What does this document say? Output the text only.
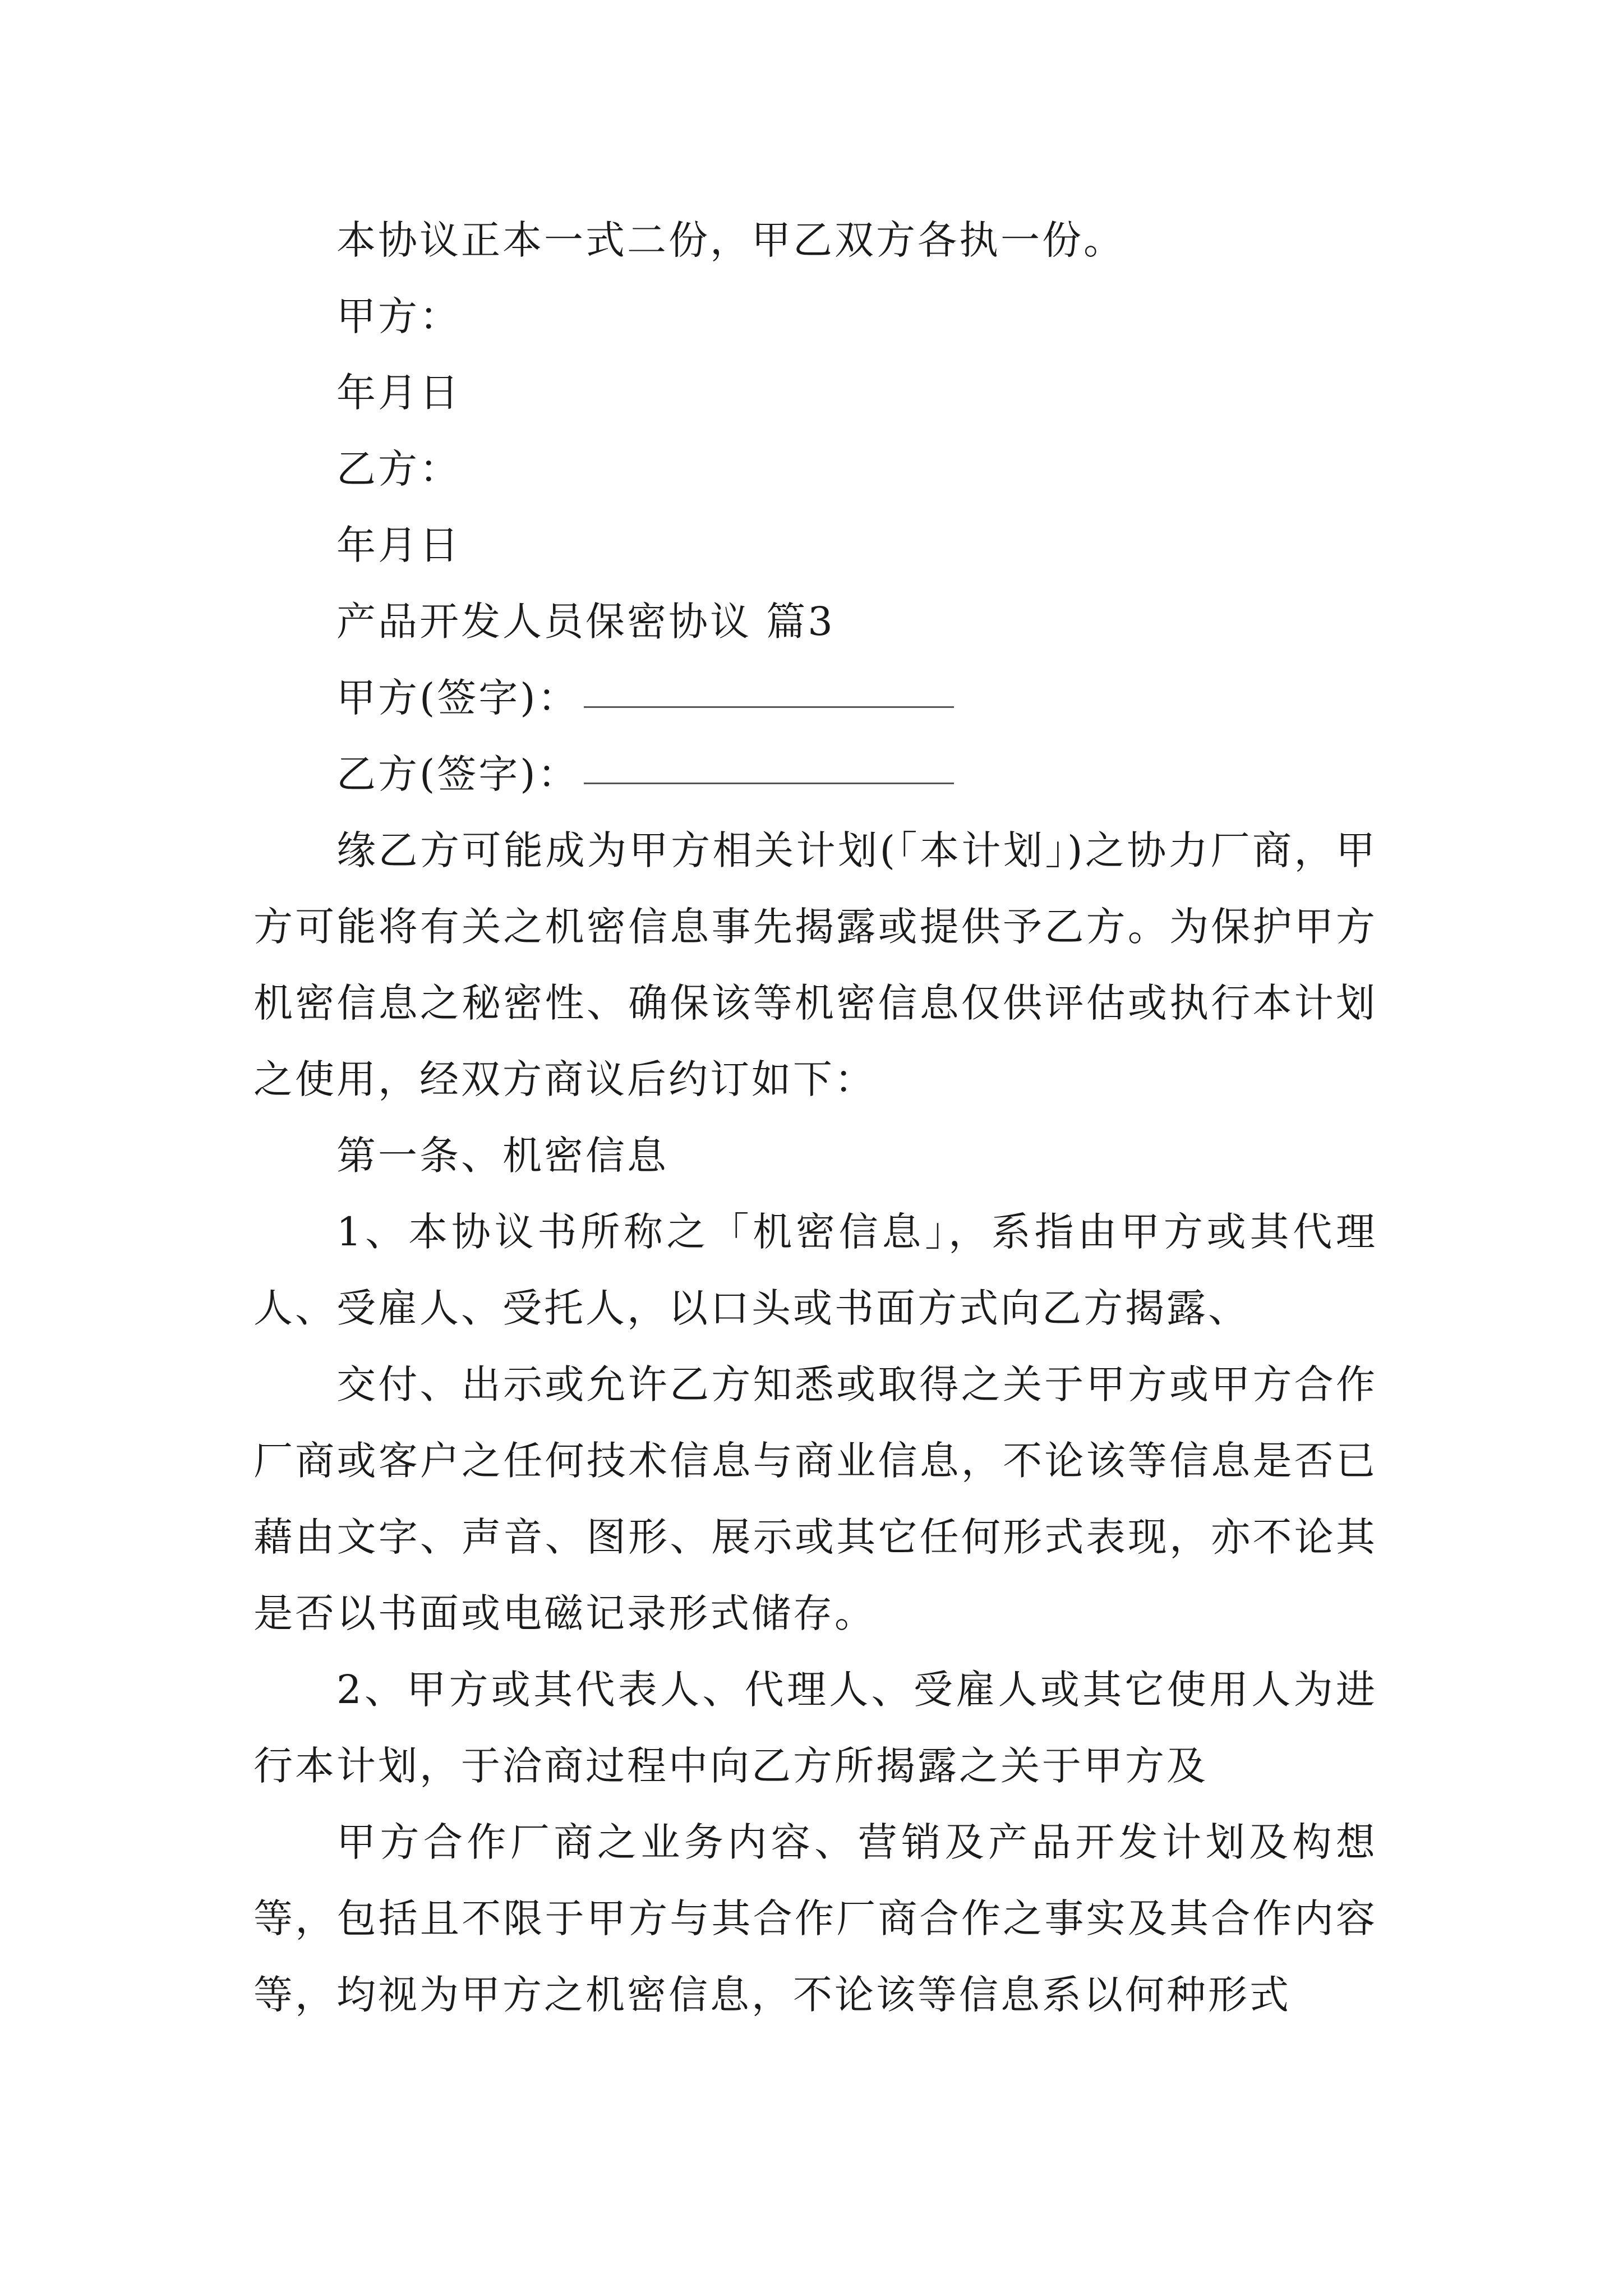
本协议正本一式二份，甲乙双方各执一份。

甲方：

年月日

乙方：

年月日

产品开发人员保密协议 篇3

甲方(签字)：

乙方(签字)：

缘乙方可能成为甲方相关计划(「本计划」)之协力厂商，甲方可能将有关之机密信息事先揭露或提供予乙方。为保护甲方机密信息之秘密性、确保该等机密信息仅供评估或执行本计划之使用，经双方商议后约订如下：

第一条、机密信息

1、本协议书所称之「机密信息」，系指由甲方或其代理人、受雇人、受托人，以口头或书面方式向乙方揭露、

交付、出示或允许乙方知悉或取得之关于甲方或甲方合作厂商或客户之任何技术信息与商业信息，不论该等信息是否已藉由文字、声音、图形、展示或其它任何形式表现，亦不论其是否以书面或电磁记录形式储存。

2、甲方或其代表人、代理人、受雇人或其它使用人为进行本计划，于洽商过程中向乙方所揭露之关于甲方及

甲方合作厂商之业务内容、营销及产品开发计划及构想等，包括且不限于甲方与其合作厂商合作之事实及其合作内容等，均视为甲方之机密信息，不论该等信息系以何种形式
